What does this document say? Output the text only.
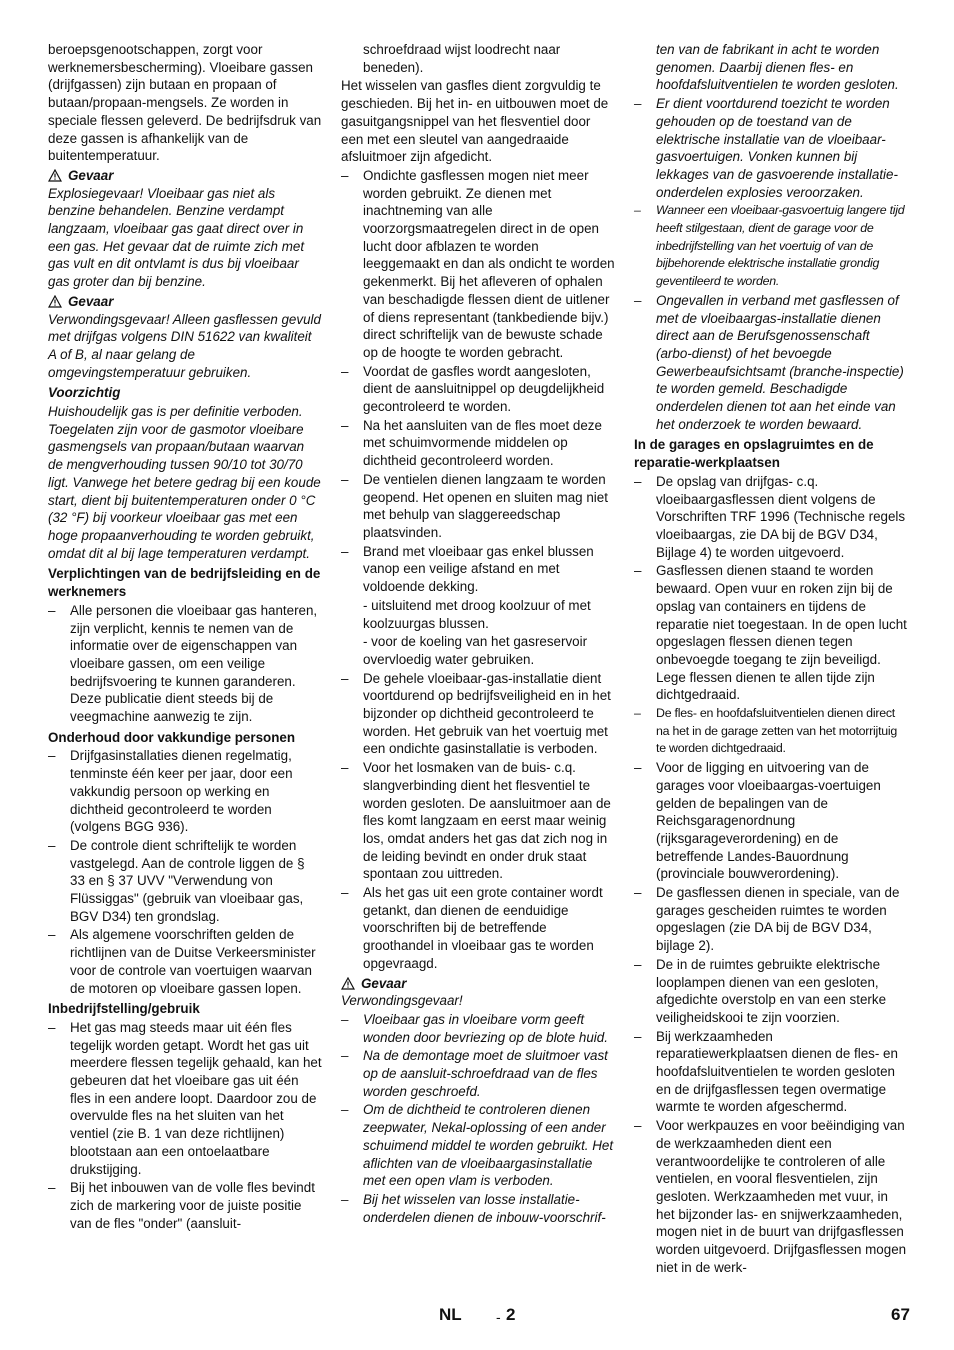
beroepsgenootschappen, zorgt voor werknemersbescherming). Vloeibare gassen (drijfgassen) zijn butaan en propaan of butaan/propaan-mengsels. Ze worden in speciale flessen geleverd. De bedrijfsdruk van deze gassen is afhankelijk van de buitentemperatuur.

Gevaar

Explosiegevaar! Vloeibaar gas niet als benzine behandelen. Benzine verdampt langzaam, vloeibaar gas gaat direct over in een gas. Het gevaar dat de ruimte zich met gas vult en dit ontvlamt is dus bij vloeibaar gas groter dan bij benzine.

Gevaar

Verwondingsgevaar! Alleen gasflessen gevuld met drijfgas volgens DIN 51622 van kwaliteit A of B, al naar gelang de omgevingstemperatuur gebruiken.

Voorzichtig

Huishoudelijk gas is per definitie verboden. Toegelaten zijn voor de gasmotor vloeibare gasmengsels van propaan/butaan waarvan de mengverhouding tussen 90/10 tot 30/70 ligt. Vanwege het betere gedrag bij een koude start, dient bij buitentemperaturen onder 0 °C (32 °F) bij voorkeur vloeibaar gas met een hoge propaanverhouding te worden gebruikt, omdat dit al bij lage temperaturen verdampt.

Verplichtingen van de bedrijfsleiding en de werknemers

–	Alle personen die vloeibaar gas hanteren, zijn verplicht, kennis te nemen van de informatie over de eigenschappen van vloeibare gassen, om een veilige bedrijfsvoering te kunnen garanderen. Deze publicatie dient steeds bij de veegmachine aanwezig te zijn.

Onderhoud door vakkundige personen

–	Drijfgasinstallaties dienen regelmatig, tenminste één keer per jaar, door een vakkundig persoon op werking en dichtheid gecontroleerd te worden (volgens BGG 936).
–	De controle dient schriftelijk te worden vastgelegd. Aan de controle liggen de § 33 en § 37 UVV "Verwendung von Flüssiggas" (gebruik van vloeibaar gas, BGV D34) ten grondslag.
–	Als algemene voorschriften gelden de richtlijnen van de Duitse Verkeersminister voor de controle van voertuigen waarvan de motoren op vloeibare gassen lopen.

Inbedrijfstelling/gebruik

–	Het gas mag steeds maar uit één fles tegelijk worden getapt. Wordt het gas uit meerdere flessen tegelijk gehaald, kan het gebeuren dat het vloeibare gas uit één fles in een andere loopt. Daardoor zou de overvulde fles na het sluiten van het ventiel (zie B. 1 van deze richtlijnen) blootstaan aan een ontoelaatbare drukstijging.
–	Bij het inbouwen van de volle fles bevindt zich de markering voor de juiste positie van de fles "onder" (aansluit-

schroefdraad wijst loodrecht naar beneden).

Het wisselen van gasfles dient zorgvuldig te geschieden. Bij het in- en uitbouwen moet de gasuitgangsnippel van het flesventiel door een met een sleutel van aangedraaide afsluitmoer zijn afgedicht.

–	Ondichte gasflessen mogen niet meer worden gebruikt. Ze dienen met inachtneming van alle voorzorgsmaatregelen direct in de open lucht door afblazen te worden leeggemaakt en dan als ondicht te worden gekenmerkt. Bij het afleveren of ophalen van beschadigde flessen dient de uitlener of diens representant (tankbediende bijv.) direct schriftelijk van de bewuste schade op de hoogte te worden gebracht.
–	Voordat de gasfles wordt aangesloten, dient de aansluitnippel op deugdelijkheid gecontroleerd te worden.
–	Na het aansluiten van de fles moet deze met schuimvormende middelen op dichtheid gecontroleerd worden.
–	De ventielen dienen langzaam te worden geopend. Het openen en sluiten mag niet met behulp van slaggereedschap plaatsvinden.
–	Brand met vloeibaar gas enkel blussen vanop een veilige afstand en met voldoende dekking.

- uitsluitend met droog koolzuur of met koolzuurgas blussen.

- voor de koeling van het gasreservoir overvloedig water gebruiken.

–	De gehele vloeibaar-gas-installatie dient voortdurend op bedrijfsveiligheid en in het bijzonder op dichtheid gecontroleerd te worden. Het gebruik van het voertuig met een ondichte gasinstallatie is verboden.
–	Voor het losmaken van de buis- c.q. slangverbinding dient het flesventiel te worden gesloten. De aansluitmoer aan de fles komt langzaam en eerst maar weinig los, omdat anders het gas dat zich nog in de leiding bevindt en onder druk staat spontaan zou uittreden.
–	Als het gas uit een grote container wordt getankt, dan dienen de eenduidige voorschriften bij de betreffende groothandel in vloeibaar gas te worden opgevraagd.
Gevaar

Verwondingsgevaar!

–	Vloeibaar gas in vloeibare vorm geeft wonden door bevriezing op de blote huid.
–	Na de demontage moet de sluitmoer vast op de aansluit-schroefdraad van de fles worden geschroefd.
–	Om de dichtheid te controleren dienen zeepwater, Nekal-oplossing of een ander schuimend middel te worden gebruikt. Het aflichten van de vloeibaargasinstallatie met een open vlam is verboden.
–	Bij het wisselen van losse installatie-onderdelen dienen de inbouw-voorschrif-

ten van de fabrikant in acht te worden genomen. Daarbij dienen fles- en hoofdafsluitventielen te worden gesloten.

–	Er dient voortdurend toezicht te worden gehouden op de toestand van de elektrische installatie van de vloeibaar-gasvoertuigen. Vonken kunnen bij lekkages van de gasvoerende installatie-onderdelen explosies veroorzaken.
–	Wanneer een vloeibaar-gasvoertuig langere tijd heeft stilgestaan, dient de garage voor de inbedrijfstelling van het voertuig of van de bijbehorende elektrische installatie grondig geventileerd te worden.
–	Ongevallen in verband met gasflessen of met de vloeibaargas-installatie dienen direct aan de Berufsgenossenschaft (arbo-dienst) of het bevoegde Gewerbeaufsichtsamt (branche-inspectie) te worden gemeld. Beschadigde onderdelen dienen tot aan het einde van het onderzoek te worden bewaard.

In de garages en opslagruimtes en de reparatie-werkplaatsen

–	De opslag van drijfgas- c.q. vloeibaargasflessen dient volgens de Vorschriften TRF 1996 (Technische regels vloeibaargas, zie DA bij de BGV D34, Bijlage 4) te worden uitgevoerd.
–	Gasflessen dienen staand te worden bewaard. Open vuur en roken zijn bij de opslag van containers en tijdens de reparatie niet toegestaan. In de open lucht opgeslagen flessen dienen tegen onbevoegde toegang te zijn beveiligd. Lege flessen dienen te allen tijde zijn dichtgedraaid.
–	De fles- en hoofdafsluitventielen dienen direct na het in de garage zetten van het motorrijtuig te worden dichtgedraaid.
–	Voor de ligging en uitvoering van de garages voor vloeibaargas-voertuigen gelden de bepalingen van de Reichsgaragenordnung (rijksgarageverordening) en de betreffende Landes-Bauordnung (provinciale bouwverordening).
–	De gasflessen dienen in speciale, van de garages gescheiden ruimtes te worden opgeslagen (zie DA bij de BGV D34, bijlage 2).
–	De in de ruimtes gebruikte elektrische looplampen dienen van een gesloten, afgedichte overstolp en van een sterke veiligheidskooi te zijn voorzien.
–	Bij werkzaamheden reparatiewerkplaatsen dienen de fles- en hoofdafsluitventielen te worden gesloten en de drijfgasflessen tegen overmatige warmte te worden afgeschermd.
–	Voor werkpauzes en voor beëindiging van de werkzaamheden dient een verantwoordelijke te controleren of alle ventielen, en vooral flesventielen, zijn gesloten. Werkzaamheden met vuur, in het bijzonder las- en snijwerkzaamheden, mogen niet in de buurt van drijfgasflessen worden uitgevoerd. Drijfgasflessen mogen niet in de werk-
NL - 2	67
